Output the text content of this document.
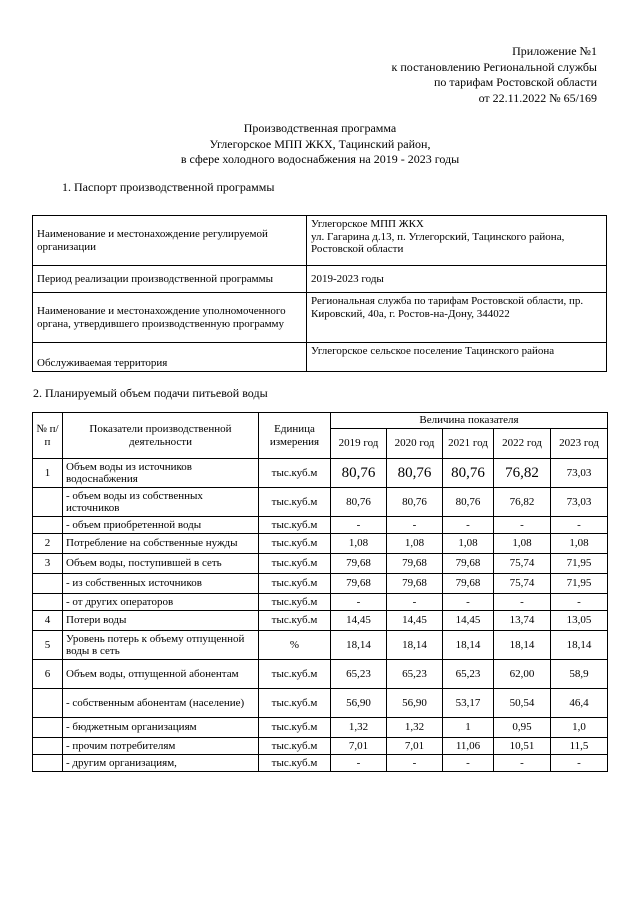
Приложение №1
к постановлению Региональной службы
по тарифам Ростовской области
от 22.11.2022 № 65/169
Производственная программа
Углегорское МПП ЖКХ, Тацинский район,
в сфере холодного водоснабжения на 2019 - 2023 годы
1. Паспорт производственной программы
Наименование и местонахождение регулируемой организации	Углегорское МПП ЖКХ
ул. Гагарина д.13, п. Углегорский, Тацинского района, Ростовской области

Период реализации производственной программы	2019-2023 годы
Наименование и местонахождение уполномоченного органа, утвердившего производственную программу	Региональная служба по тарифам Ростовской области, пр. Кировский, 40а, г. Ростов-на-Дону, 344022
Обслуживаемая территория	Углегорское сельское поселение Тацинского района
2. Планируемый объем подачи питьевой воды
№ п/п	Показатели производственной деятельности	Единица измерения	Величина показателя				
			2019 год	2020 год	2021 год	2022 год	2023 год
1	Объем воды из источников водоснабжения	тыс.куб.м	80,76	80,76	80,76	76,82	73,03
	- объем воды из собственных источников	тыс.куб.м	80,76	80,76	80,76	76,82	73,03
	- объем приобретенной воды	тыс.куб.м	-	-	-	-	-
2	Потребление на собственные нужды	тыс.куб.м	1,08	1,08	1,08	1,08	1,08
3	Объем воды, поступившей в сеть	тыс.куб.м	79,68	79,68	79,68	75,74	71,95
	- из собственных источников	тыс.куб.м	79,68	79,68	79,68	75,74	71,95
	- от других операторов	тыс.куб.м	-	-	-	-	-
4	Потери воды	тыс.куб.м	14,45	14,45	14,45	13,74	13,05
5	Уровень потерь к объему отпущенной воды в сеть	%	18,14	18,14	18,14	18,14	18,14
6	Объем воды, отпущенной абонентам	тыс.куб.м	65,23	65,23	65,23	62,00	58,9
	- собственным абонентам (население)	тыс.куб.м	56,90	56,90	53,17	50,54	46,4
	- бюджетным организациям	тыс.куб.м	1,32	1,32	1	0,95	1,0
	- прочим потребителям	тыс.куб.м	7,01	7,01	11,06	10,51	11,5
	- другим организациям,	тыс.куб.м	-	-	-	-	-
